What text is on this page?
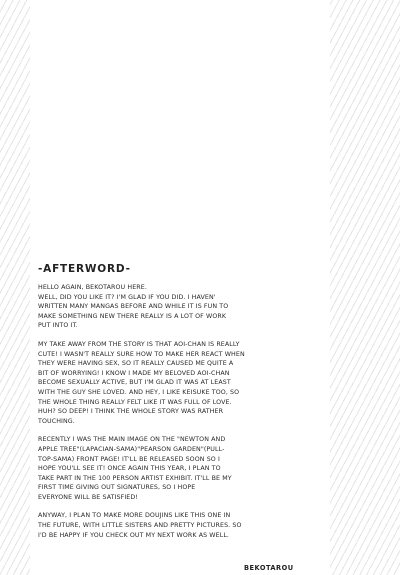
-AFTERWORD-

HELLO AGAIN, BEKOTAROU HERE.
WELL, DID YOU LIKE IT? I'M GLAD IF YOU DID. I HAVEN'
WRITTEN MANY MANGAS BEFORE AND WHILE IT IS FUN TO
MAKE SOMETHING NEW THERE REALLY IS A LOT OF WORK
PUT INTO IT.

MY TAKE AWAY FROM THE STORY IS THAT AOI-CHAN IS REALLY
CUTE! I WASN'T REALLY SURE HOW TO MAKE HER REACT WHEN
THEY WERE HAVING SEX, SO IT REALLY CAUSED ME QUITE A
BIT OF WORRYING! I KNOW I MADE MY BELOVED AOI-CHAN
BECOME SEXUALLY ACTIVE, BUT I'M GLAD IT WAS AT LEAST
WITH THE GUY SHE LOVED. AND HEY, I LIKE KEISUKE TOO, SO
THE WHOLE THING REALLY FELT LIKE IT WAS FULL OF LOVE.
HUH? SO DEEP! I THINK THE WHOLE STORY WAS RATHER
TOUCHING.

RECENTLY I WAS THE MAIN IMAGE ON THE "NEWTON AND
APPLE TREE"(LAPACIAN-SAMA)"PEARSON GARDEN"(PULL-
TOP-SAMA) FRONT PAGE! IT'LL BE RELEASED SOON SO I
HOPE YOU'LL SEE IT! ONCE AGAIN THIS YEAR, I PLAN TO
TAKE PART IN THE 100 PERSON ARTIST EXHIBIT. IT'LL BE MY
FIRST TIME GIVING OUT SIGNATURES, SO I HOPE
EVERYONE WILL BE SATISFIED!

ANYWAY, I PLAN TO MAKE MORE DOUJINS LIKE THIS ONE IN
THE FUTURE, WITH LITTLE SISTERS AND PRETTY PICTURES. SO
I'D BE HAPPY IF YOU CHECK OUT MY NEXT WORK AS WELL.

BEKOTAROU
